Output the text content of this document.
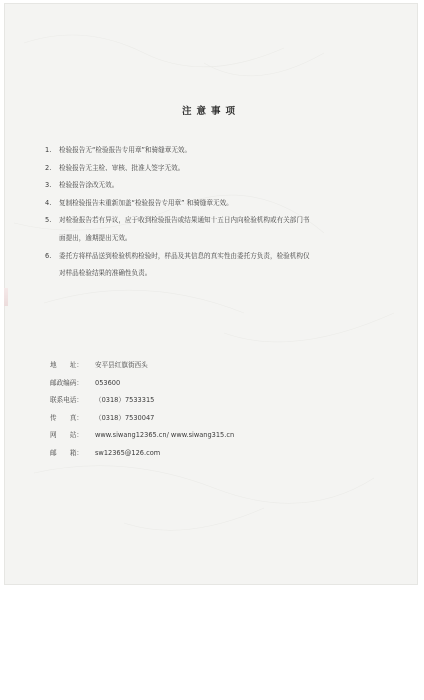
注意事项
1. 检验报告无“检验报告专用章”和骑缝章无效。
2. 检验报告无主检、审核、批准人签字无效。
3. 检验报告涂改无效。
4. 复制检验报告未重新加盖“检验报告专用章” 和骑缝章无效。
5. 对检验报告若有异议，应于收到检验报告或结果通知十五日内向检验机构或有关部门书面提出，逾期提出无效。
6. 委托方将样品送到检验机构检验时，样品及其信息的真实性由委托方负责，检验机构仅对样品检验结果的准确性负责。
地　　址：	安平县红旗街西头
邮政编码：	053600
联系电话：	（0318）7533315
传　　真：	（0318）7530047
网　　站：	www.siwang12365.cn/ www.siwang315.cn
邮　　箱：	sw12365@126.com
